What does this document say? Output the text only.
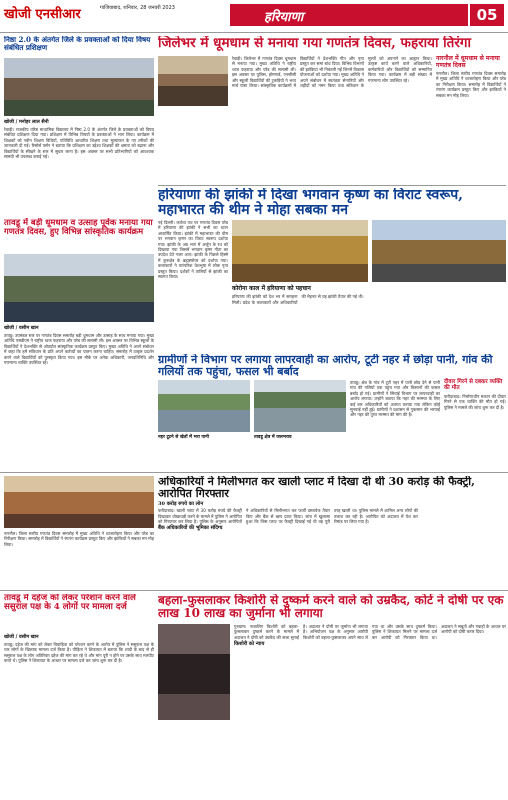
खोजी एनसीआर	गाजियाबाद, शनिवार, 28 जनवरी 2023
हरियाणा	05
निष्ठा 2.0 के अंतर्गत जिले के प्रवक्ताओं को दिया विषय संबंधित प्रशिक्षण
खोजी / मनोहर लाल सैनी
रेवाड़ी। राजकीय वरिष्ठ माध्यमिक विद्यालय में निष्ठा 2.0 के अंतर्गत जिले के प्रवक्ताओं को विषय संबंधित प्रशिक्षण दिया गया। प्रशिक्षण में विभिन्न विषयों के प्रवक्ताओं ने भाग लिया। कार्यक्रम में शिक्षकों को नवीन शिक्षण विधियों, गतिविधि आधारित शिक्षण तथा मूल्यांकन के नए तरीकों की जानकारी दी गई। रिसोर्स पर्सन ने बताया कि प्रशिक्षण का उद्देश्य शिक्षकों की क्षमता को बढ़ाना और विद्यार्थियों के सीखने के स्तर में सुधार लाना है। इस अवसर पर सभी प्रतिभागियों को आवश्यक सामग्री भी उपलब्ध कराई गई।
जिलेभर में धूमधाम से मनाया गया गणतंत्र दिवस, फहराया तिरंगा
रेवाड़ी। जिलेभर में गणतंत्र दिवस धूमधाम से मनाया गया। मुख्य अतिथि ने राष्ट्रीय ध्वज फहराया और परेड की सलामी ली। इस अवसर पर पुलिस, होमगार्ड, एनसीसी और स्कूली विद्यार्थियों की टुकड़ियों ने भव्य मार्च पास्ट किया। सांस्कृतिक कार्यक्रमों में विद्यार्थियों ने देशभक्ति गीत और नृत्य प्रस्तुत कर समां बांध दिया। विभिन्न विभागों की झांकियां भी निकाली गईं जिनमें विकास योजनाओं को दर्शाया गया। मुख्य अतिथि ने अपने संबोधन में स्वतंत्रता सेनानियों और शहीदों को नमन किया तथा संविधान के मूल्यों को अपनाने का आह्वान किया। उत्कृष्ट कार्य करने वाले अधिकारियों, कर्मचारियों और विद्यार्थियों को सम्मानित किया गया। कार्यक्रम में बड़ी संख्या में गणमान्य लोग उपस्थित रहे।
नारनौल में धूमधाम से मनाया गणतंत्र दिवस
नारनौल। जिला स्तरीय गणतंत्र दिवस समारोह में मुख्य अतिथि ने ध्वजारोहण किया और परेड का निरीक्षण किया। समारोह में विद्यार्थियों ने रंगारंग कार्यक्रम प्रस्तुत किए और झांकियों ने सबका मन मोह लिया।
हरियाणा की झांकी में दिखा भगवान कृष्ण का विराट स्वरूप, महाभारत की थीम ने मोहा सबका मन
नई दिल्ली। कर्तव्य पथ पर गणतंत्र दिवस परेड में हरियाणा की झांकी ने सभी का ध्यान आकर्षित किया। झांकी में महाभारत की थीम पर भगवान कृष्ण का विराट स्वरूप दर्शाया गया। झांकी के अग्र भाग में अर्जुन के रथ को दिखाया गया जिसमें भगवान कृष्ण गीता का उपदेश देते नजर आए। झांकी के पिछले हिस्से में कुरुक्षेत्र के ब्रह्मसरोवर को दर्शाया गया। कलाकारों ने पारंपरिक वेशभूषा में लोक नृत्य प्रस्तुत किया। दर्शकों ने तालियों से झांकी का स्वागत किया।
कोरोना काल में हरियाणा को पहचान
हरियाणा की झांकी को देश भर में सराहना मिली। प्रदेश के कलाकारों और अधिकारियों की मेहनत से यह झांकी तैयार की गई थी।
तावडू में बड़ी धूमधाम व उत्साह पूर्वक मनाया गया गणतंत्र दिवस, हुए विभिन्न सांस्कृतिक कार्यक्रम
खोजी / वसीम खान
तावडू। उपमंडल स्तर पर गणतंत्र दिवस समारोह बड़ी धूमधाम और उत्साह के साथ मनाया गया। मुख्य अतिथि एसडीएम ने राष्ट्रीय ध्वज फहराया और परेड की सलामी ली। इस अवसर पर विभिन्न स्कूलों के विद्यार्थियों ने देशभक्ति से ओतप्रोत सांस्कृतिक कार्यक्रम प्रस्तुत किए। मुख्य अतिथि ने अपने संबोधन में कहा कि हमें संविधान के प्रति अपने कर्तव्यों का पालन करना चाहिए। समारोह में उत्कृष्ट प्रदर्शन करने वाले विद्यार्थियों को पुरस्कृत किया गया। इस मौके पर अनेक अधिकारी, जनप्रतिनिधि और गणमान्य व्यक्ति उपस्थित रहे।	ग्रामीणों ने विभाग पर लगाया लापरवाही का आरोप, टूटी नहर में छोड़ा पानी, गांव की गलियों तक पहुंचा, फसल भी बर्बाद
नहर टूटने से खेतों में भरा पानी	तावडू क्षेत्र में जलभराव
तावडू। क्षेत्र के गांव में टूटी नहर में पानी छोड़ देने से पानी गांव की गलियों तक पहुंच गया और किसानों की फसल बर्बाद हो गई। ग्रामीणों ने सिंचाई विभाग पर लापरवाही का आरोप लगाया। उन्होंने बताया कि नहर की मरम्मत के लिए कई बार अधिकारियों को अवगत कराया गया लेकिन कोई सुनवाई नहीं हुई। ग्रामीणों ने प्रशासन से नुकसान की भरपाई और नहर की तुरंत मरम्मत की मांग की है।
दीवार गिरने से दबकर व्यक्ति की मौत
फरीदाबाद। निर्माणाधीन मकान की दीवार गिरने से एक व्यक्ति की मौत हो गई। पुलिस ने मामले की जांच शुरू कर दी है।
अधिकारियों ने मिलीभगत कर खाली प्लाट में दिखा दी थी 30 करोड़ की फैक्ट्री, आरोपित गिरफ्तार
30 करोड़ रुपये का लोन
फरीदाबाद। खाली प्लाट में 30 करोड़ रुपये की फैक्ट्री दिखाकर धोखाधड़ी करने के मामले में पुलिस ने आरोपित को गिरफ्तार कर लिया है। पुलिस के अनुसार आरोपितों ने अधिकारियों से मिलीभगत कर फर्जी दस्तावेज तैयार किए और बैंक से ऋण प्राप्त किया। जांच में खुलासा हुआ कि जिस प्लाट पर फैक्ट्री दिखाई गई थी वह पूरी तरह खाली था। पुलिस मामले में शामिल अन्य लोगों की तलाश कर रही है। आरोपित को अदालत में पेश कर रिमांड पर लिया गया है।
बैंक अधिकारियों की भूमिका संदिग्ध
नारनौल। जिला स्तरीय गणतंत्र दिवस समारोह में मुख्य अतिथि ने ध्वजारोहण किया और परेड का निरीक्षण किया। समारोह में विद्यार्थियों ने रंगारंग कार्यक्रम प्रस्तुत किए और झांकियों ने सबका मन मोह लिया।
तावडू में दहेज को लेकर परेशान करने वाले ससुराल पक्ष के 4 लोगों पर मामला दर्ज
खोजी / वसीम खान
तावडू। दहेज की मांग को लेकर विवाहिता को परेशान करने के आरोप में पुलिस ने ससुराल पक्ष के चार लोगों के खिलाफ मामला दर्ज किया है। पीड़िता ने शिकायत में बताया कि शादी के बाद से ही ससुराल पक्ष के लोग अतिरिक्त दहेज की मांग कर रहे थे और मांग पूरी न होने पर उसके साथ मारपीट करते थे। पुलिस ने शिकायत के आधार पर मामला दर्ज कर जांच शुरू कर दी है।
बहला-फुसलाकर किशोरी से दुष्कर्म करने वाले को उम्रकैद, कोर्ट ने दोषी पर एक लाख 10 लाख का जुर्माना भी लगाया
गुरुग्राम। नाबालिग किशोरी को बहला-फुसलाकर दुष्कर्म करने के मामले में अदालत ने दोषी को उम्रकैद की सजा सुनाई है। अदालत ने दोषी पर जुर्माना भी लगाया है। अभियोजन पक्ष के अनुसार आरोपी किशोरी को बहला-फुसलाकर अपने साथ ले गया था और उसके साथ दुष्कर्म किया। पुलिस ने शिकायत मिलने पर मामला दर्ज कर आरोपी को गिरफ्तार किया था। अदालत ने सबूतों और गवाहों के आधार पर आरोपी को दोषी करार दिया।
किशोरी को न्याय
